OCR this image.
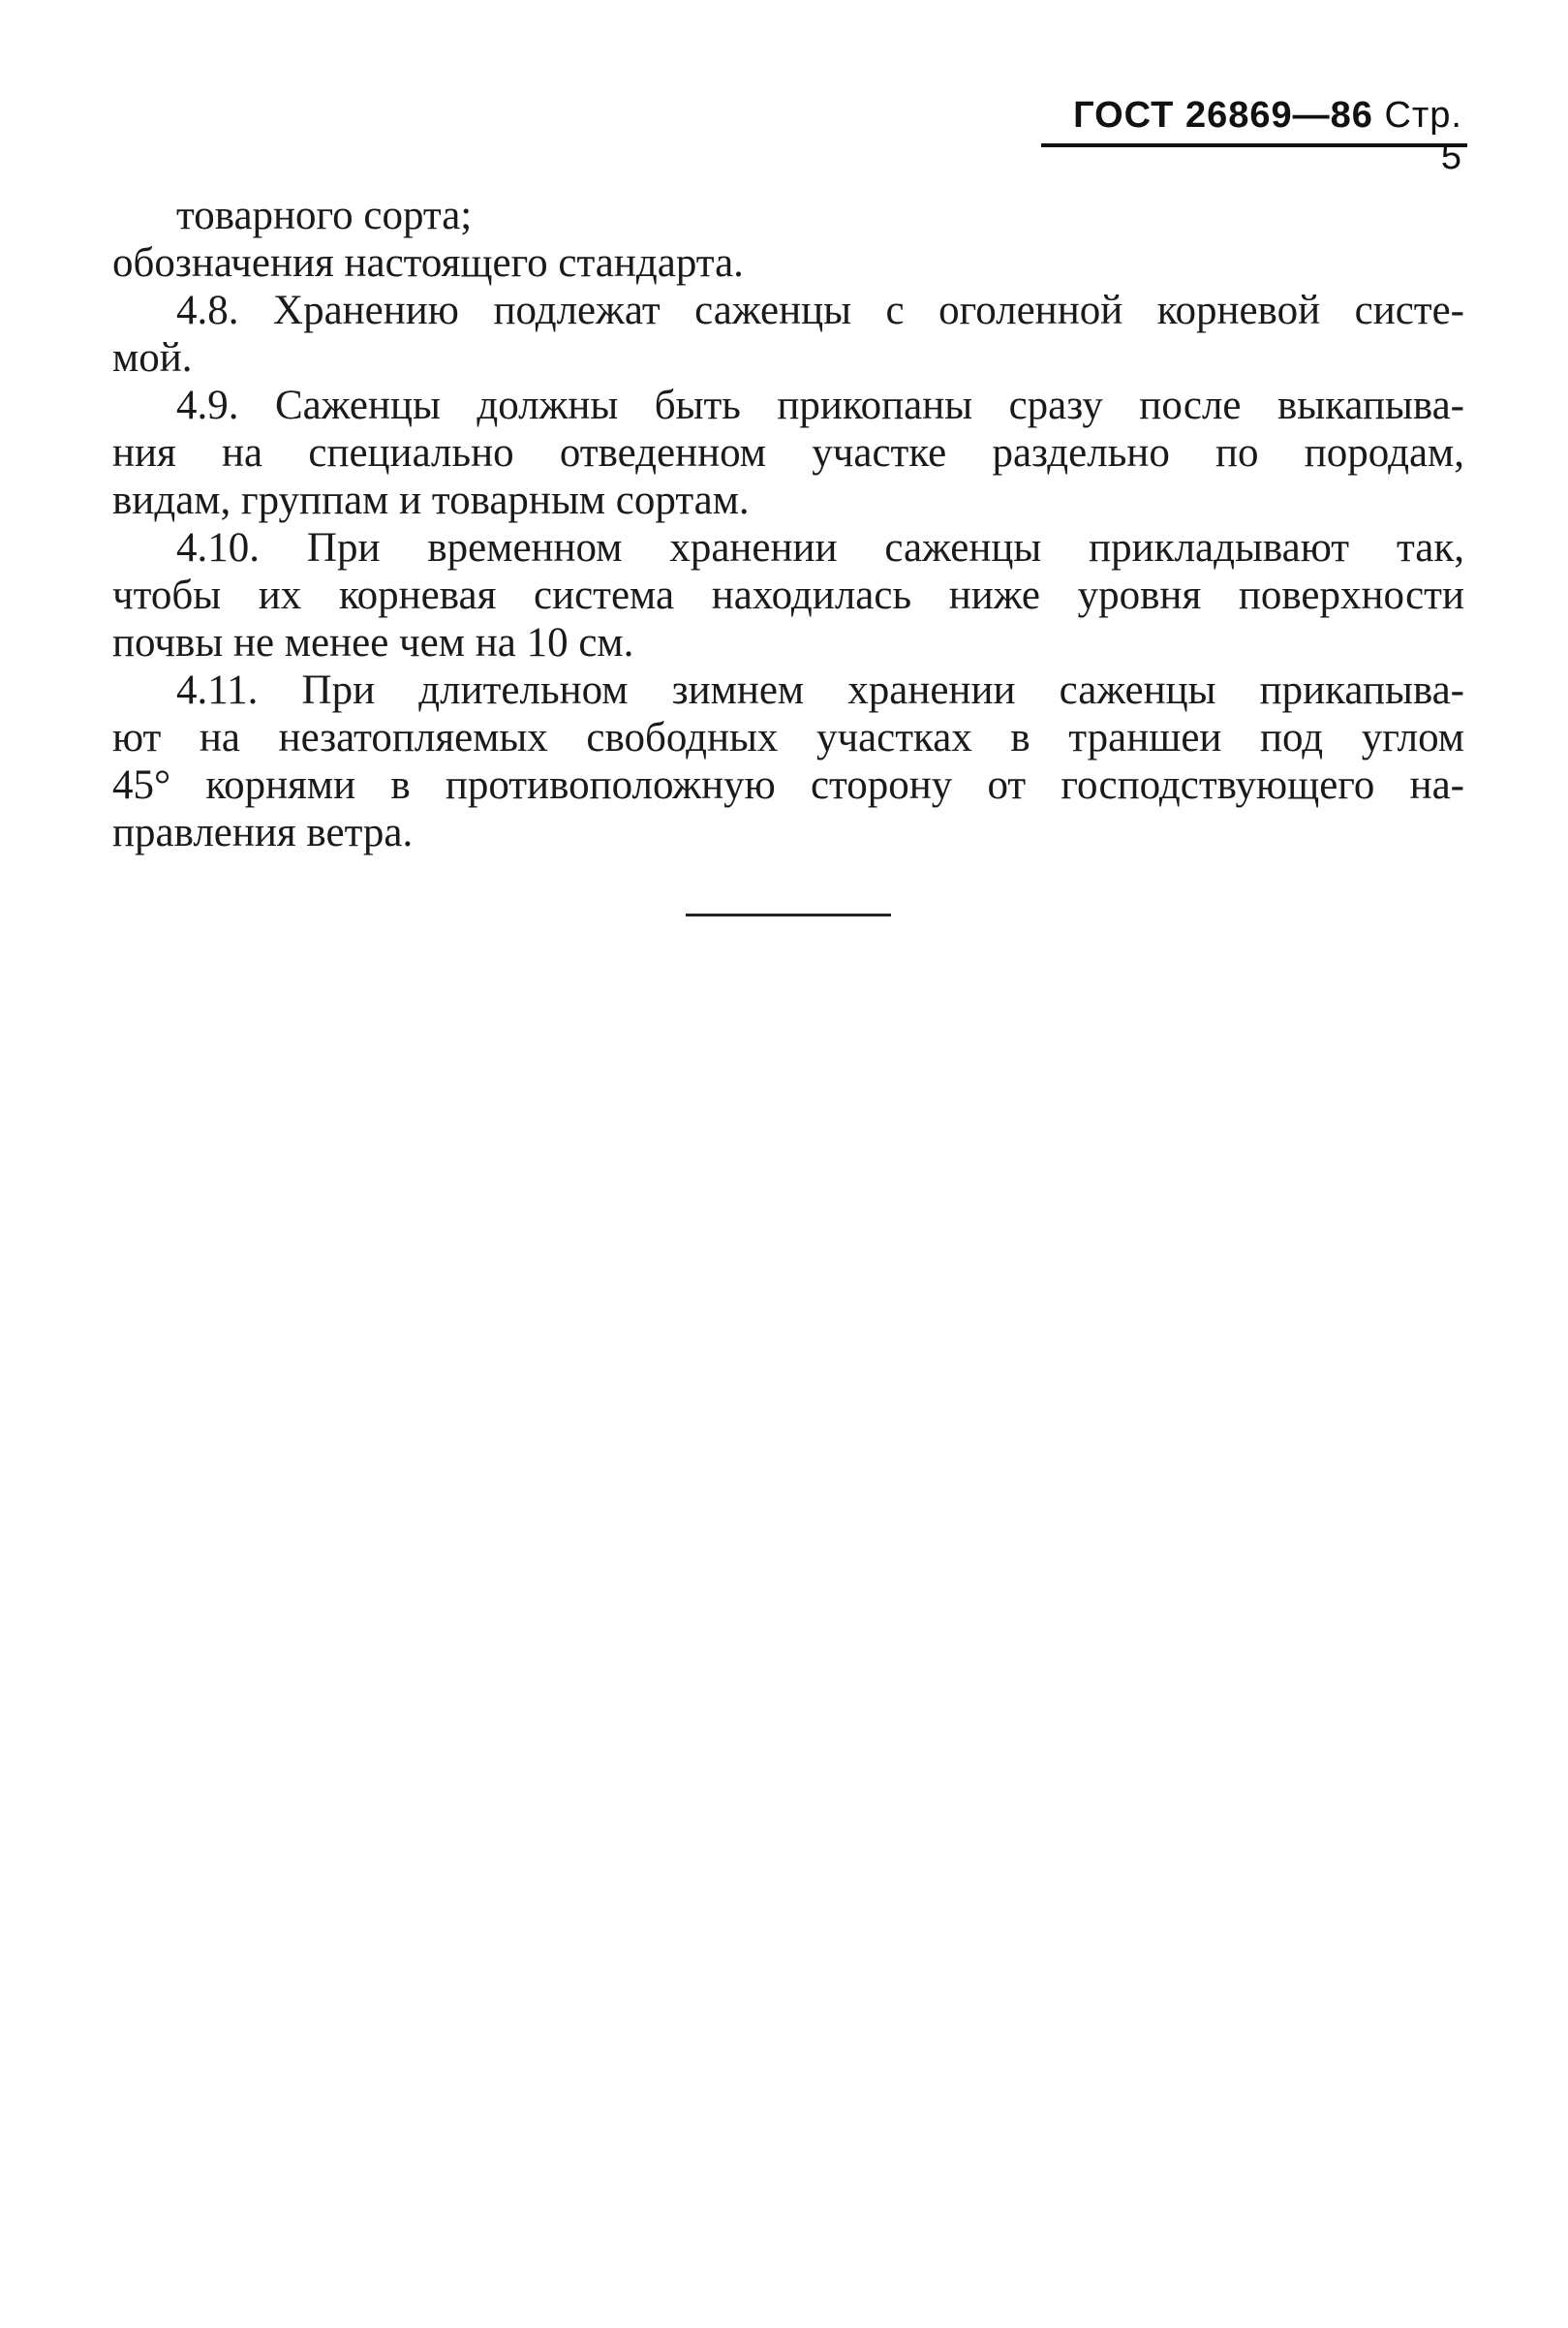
ГОСТ 26869—86 Стр. 5
товарного сорта;
обозначения настоящего стандарта.
4.8. Хранению подлежат саженцы с оголенной корневой систе-
мой.
4.9. Саженцы должны быть прикопаны сразу после выкапыва-
ния на специально отведенном участке раздельно по породам,
видам, группам и товарным сортам.
4.10. При временном хранении саженцы прикладывают так,
чтобы их корневая система находилась ниже уровня поверхности
почвы не менее чем на 10 см.
4.11. При длительном зимнем хранении саженцы прикапыва-
ют на незатопляемых свободных участках в траншеи под углом
45° корнями в противоположную сторону от господствующего на-
правления ветра.
